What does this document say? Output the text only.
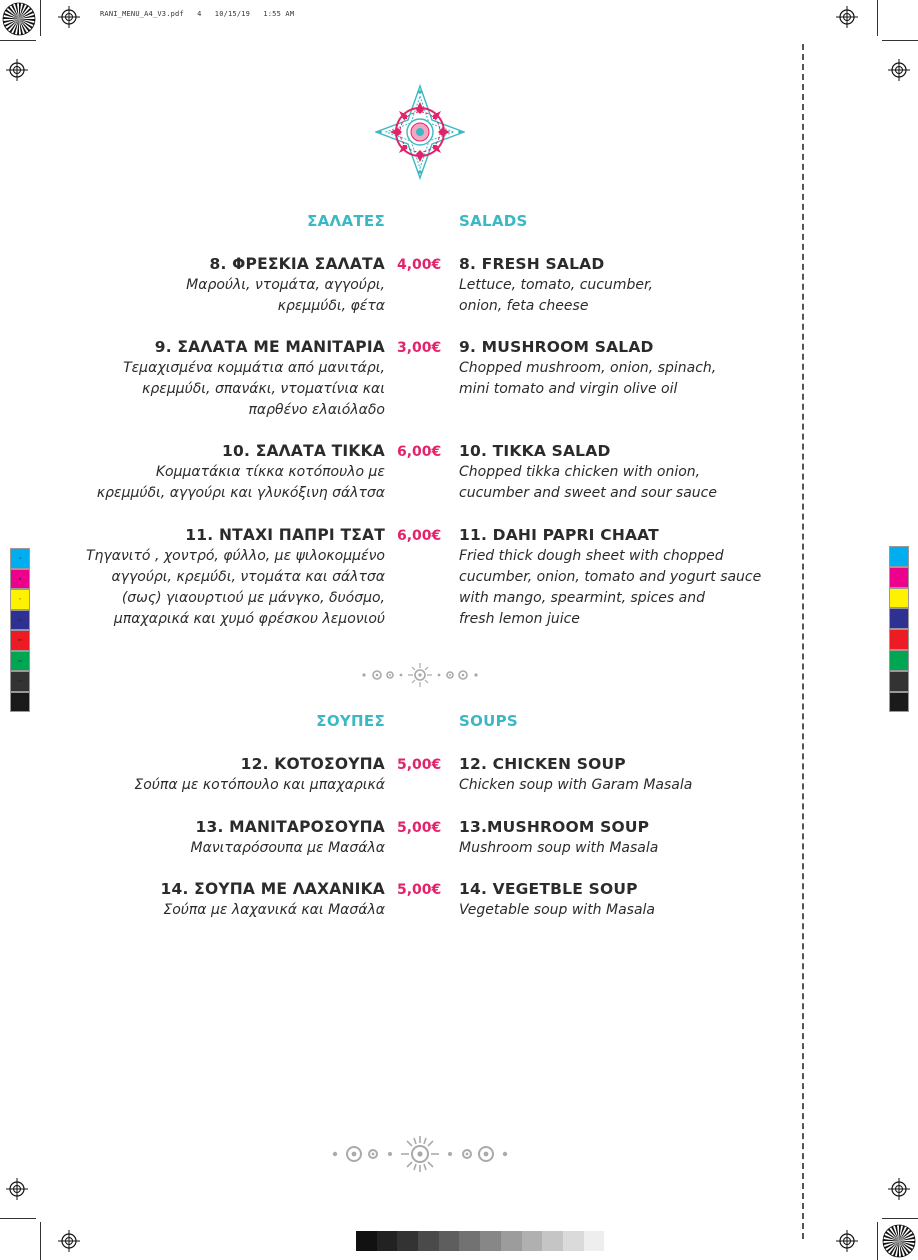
RANI_MENU_A4_V3.pdf   4   10/15/19   1:55 AM
C
M
Y
CM
MY
CY
CMY
K
ΣΑΛΑΤΕΣ	SALADS
8. ΦΡΕΣΚΙΑ ΣΑΛΑΤΑ
Μαρούλι, ντομάτα, αγγούρι,
κρεμμύδι, φέτα
4,00€	8. FRESH SALAD
Lettuce, tomato, cucumber,
onion, feta cheese
9. ΣΑΛΑΤΑ ΜΕ ΜΑΝΙΤΑΡΙΑ
Τεμαχισμένα κομμάτια από μανιτάρι,
κρεμμύδι, σπανάκι, ντοματίνια και
παρθένο ελαιόλαδο
3,00€	9. MUSHROOM SALAD
Chopped mushroom, onion, spinach,
mini tomato and virgin olive oil
10. ΣΑΛΑΤΑ ΤΙΚΚΑ
Κομματάκια τίκκα κοτόπουλο με
κρεμμύδι, αγγούρι και γλυκόξινη σάλτσα
6,00€	10. TIKKA SALAD
Chopped tikka chicken with onion,
cucumber and sweet and sour sauce
11. ΝΤΑΧΙ ΠΑΠΡΙ ΤΣΑΤ
Τηγανιτό , χοντρό, φύλλο, με ψιλοκομμένο
αγγούρι, κρεμύδι, ντομάτα και σάλτσα
(σως) γιαουρτιού με μάνγκο, δυόσμο,
μπαχαρικά και χυμό φρέσκου λεμονιού
6,00€	11. DAHI PAPRI CHAAT
Fried thick dough sheet with chopped
cucumber, onion, tomato and yogurt sauce
with mango, spearmint, spices and
fresh lemon juice
ΣΟΥΠΕΣ	SOUPS
12. ΚΟΤΟΣΟΥΠΑ
Σούπα με κοτόπουλο και μπαχαρικά
5,00€	12. CHICKEN SOUP
Chicken soup with Garam Masala
13. ΜΑΝΙΤΑΡΟΣΟΥΠΑ
Μανιταρόσουπα με Μασάλα
5,00€	13.MUSHROOM SOUP
Mushroom soup with Masala
14. ΣΟΥΠΑ ΜΕ ΛΑΧΑΝΙΚΑ
Σούπα με λαχανικά και Μασάλα
5,00€	14. VEGETBLE SOUP
Vegetable soup with Masala
